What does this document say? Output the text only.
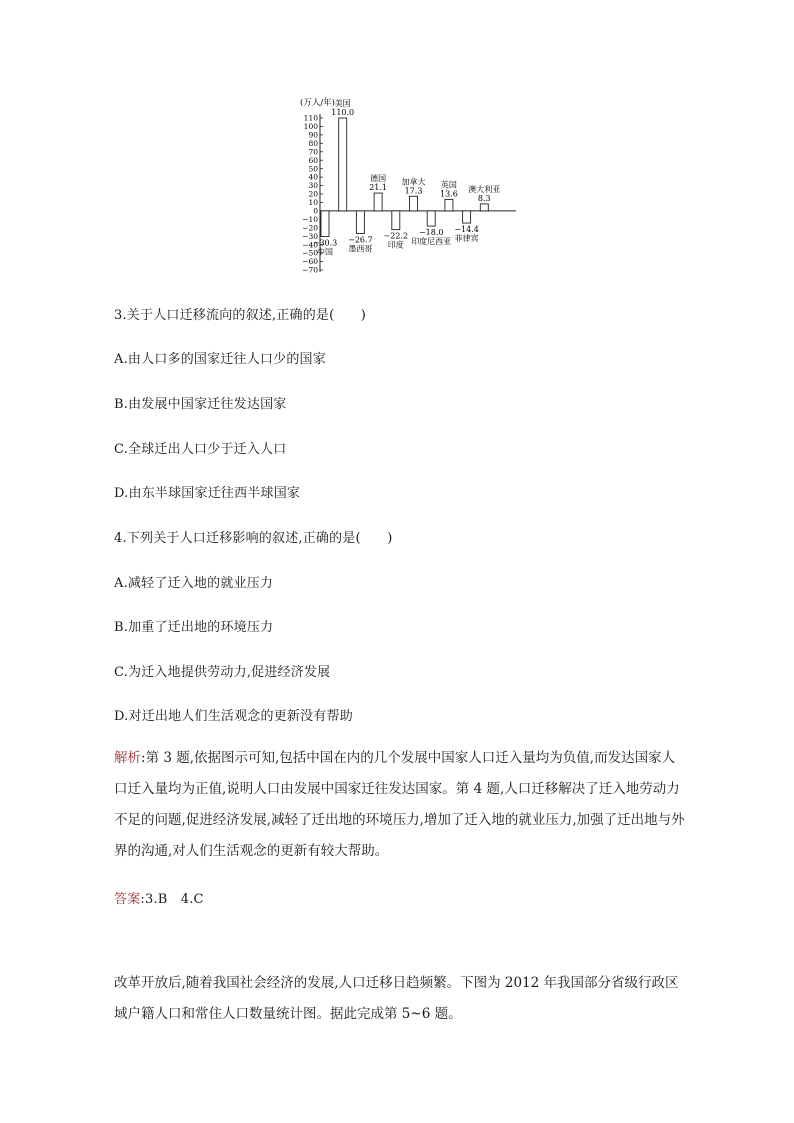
(万人/年)
110
100
90
80
70
60
50
40
30
20
10
0
−10
−20
−30
−40
−50
−60
−70
−30.3
中国
110.0
美国
−26.7
墨西哥
21.1
德国
−22.2
印度
17.3
加拿大
−18.0
印度尼西亚
13.6
英国
−14.4
菲律宾
8.3
澳大利亚
3.关于人口迁移流向的叙述,正确的是(　　)
A.由人口多的国家迁往人口少的国家
B.由发展中国家迁往发达国家
C.全球迁出人口少于迁入人口
D.由东半球国家迁往西半球国家
4.下列关于人口迁移影响的叙述,正确的是(　　)
A.减轻了迁入地的就业压力
B.加重了迁出地的环境压力
C.为迁入地提供劳动力,促进经济发展
D.对迁出地人们生活观念的更新没有帮助
解析:第 3 题,依据图示可知,包括中国在内的几个发展中国家人口迁入量均为负值,而发达国家人口迁入量均为正值,说明人口由发展中国家迁往发达国家。第 4 题,人口迁移解决了迁入地劳动力不足的问题,促进经济发展,减轻了迁出地的环境压力,增加了迁入地的就业压力,加强了迁出地与外界的沟通,对人们生活观念的更新有较大帮助。
答案:3.B　4.C
改革开放后,随着我国社会经济的发展,人口迁移日趋频繁。下图为 2012 年我国部分省级行政区域户籍人口和常住人口数量统计图。据此完成第 5~6 题。
